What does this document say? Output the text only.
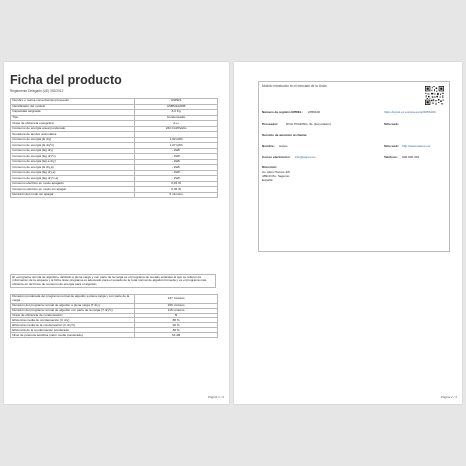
Ficha del producto
Reglamento Delegado (UE) 392/2012
Nombre o marca comercial del proveedor	ASPES
Identificador del modelo	ASBM1A2DB
Capacidad asignada	8,0 Kg
Tipo	Condensador
Clase de eficiencia energética	A++
Consumo de energía anual ponderado	232,0 kWh/año
Secadora de tambor automática	
Consumo de energía (E dry)	1,92 kWh
Consumo de energía (E dry½)	1,07 kWh
Consumo de energía (Eg dry)	- kWh
Consumo de energía (Eg dry½)	- kWh
Consumo de energía (Eg,a dry)	- kWh
Consumo de energía (E dry,a)	- kWh
Consumo de energía (Eg dry,a)	- kWh
Consumo de energía (Eg dry½,a)	- kWh
Consumo eléctrico en modo apagado	0,45 W
Consumo eléctrico en modo sin apagar	0,35 W
Duración del modo sin apagar	5 minutos
El «programa normal de algodón» utilizado a plena carga y con parte de la carga es el programa de secado estándar al que se refieren la información de la etiqueta y la ficha. Este programa es adecuado para el secado de la ropa normal de algodón húmeda y es el programa más eficiente en términos de consumo de energía para el algodón.
Duración ponderada del programa normal de algodón a plena carga y con parte de la carga	137 minutos
Duración del programa normal de algodón a plena carga (T dry)	206 minutos
Duración del programa normal de algodón con parte de la carga (T dry½)	116 minutos
Clase de eficiencia de condensación	B
Eficiencia media de condensación (C dry)	88 %
Eficiencia media de la condensación (C dry½)	90 %
Eficiencia de la condensación ponderada	89 %
Nivel de potencia acústica (valor medio ponderado)	64 dB
Página 1 / 2
Modelo introducido en el mercado de la Unión
Número de registro EPREL: 2056100	https://eprel.ec.europa.eu/qr/2056100
Proveedor: DIVA TRADING, SL (Importador)	Sitio web:
Servicio de atención al cliente:
Nombre: Aspes	Sitio web: http://www.aspes.es/
Correo electrónico: info@aspes.es	Teléfono: 900 900 334
Dirección:
Av. Altos Hornos 4/5
48910 Pto. Sagunto
España
Página 2 / 2
